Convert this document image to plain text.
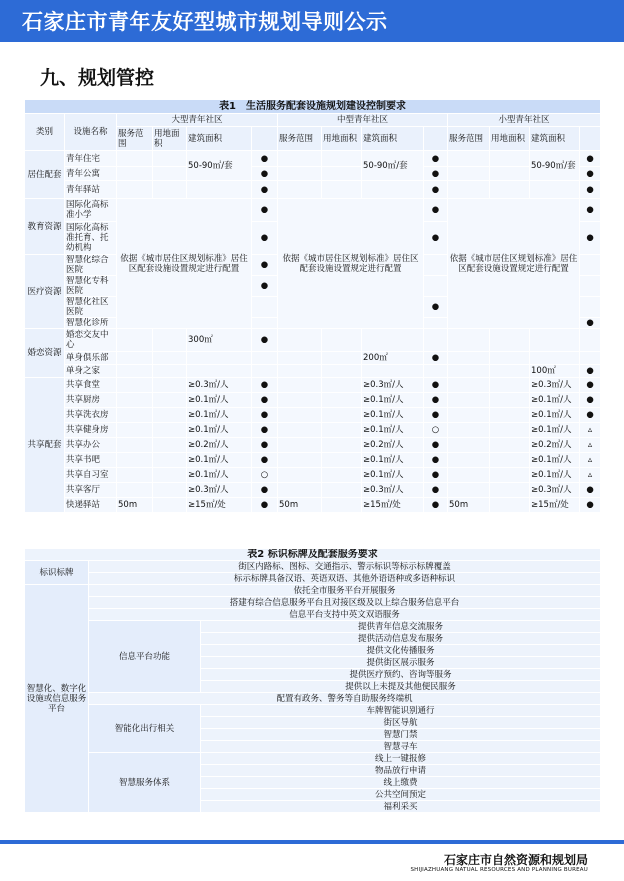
石家庄市青年友好型城市规划导则公示
九、规划管控
表1　生活服务配套设施规划建设控制要求													
类别	设施名称	大型青年社区				中型青年社区				小型青年社区			
		服务范围	用地面积	建筑面积		服务范围	用地面积	建筑面积		服务范围	用地面积	建筑面积	
居住配套	青年住宅			50-90㎡/套	●			50-90㎡/套	●			50-90㎡/套	●
	青年公寓				●				●				●
	青年驿站				●				●				●
教育资源	国际化高标准小学	依据《城市居住区规划标准》居住区配套设施设置规定进行配置			●	依据《城市居住区规划标准》居住区配套设施设置规定进行配置			●	依据《城市居住区规划标准》居住区配套设施设置规定进行配置			●
	国际化高标准托育、托幼机构				●				●				●
医疗资源	智慧化综合医院				●								
	智慧化专科医院				●								
	智慧化社区医院								●				
	智慧化诊所												●
婚恋资源	婚恋交友中心			300㎡	●								
	单身俱乐部							200㎡	●				
	单身之家											100㎡	●
共享配套	共享食堂			≥0.3㎡/人	●			≥0.3㎡/人	●			≥0.3㎡/人	●
	共享厨房			≥0.1㎡/人	●			≥0.1㎡/人	●			≥0.1㎡/人	●
	共享洗衣房			≥0.1㎡/人	●			≥0.1㎡/人	●			≥0.1㎡/人	●
	共享健身房			≥0.1㎡/人	●			≥0.1㎡/人	○			≥0.1㎡/人	▵
	共享办公			≥0.2㎡/人	●			≥0.2㎡/人	●			≥0.2㎡/人	▵
	共享书吧			≥0.1㎡/人	●			≥0.1㎡/人	●			≥0.1㎡/人	▵
	共享自习室			≥0.1㎡/人	○			≥0.1㎡/人	●			≥0.1㎡/人	▵
	共享客厅			≥0.3㎡/人	●			≥0.3㎡/人	●			≥0.3㎡/人	●
	快递驿站	50m		≥15㎡/处	●	50m		≥15㎡/处	●	50m		≥15㎡/处	●
表2 标识标牌及配套服务要求		
标识标牌	街区内路标、图标、交通指示、警示标识等标示标牌覆盖	
	标示标牌具备汉语、英语双语、其他外语语种或多语种标识	
智慧化、数字化设施或信息服务平台	依托全市服务平台开展服务	
	搭建有综合信息服务平台且对接区级及以上综合服务信息平台	
	信息平台支持中英文双语服务	
	信息平台功能	提供青年信息交流服务
		提供活动信息发布服务
		提供文化传播服务
		提供街区展示服务
		提供医疗预约、咨询等服务
		提供以上未提及其他便民服务
	配置有政务、警务等自助服务终端机	
	智能化出行相关	车牌智能识别通行
		街区导航
		智慧门禁
		智慧寻车
	智慧服务体系	线上一键报修
		物品放行申请
		线上缴费
		公共空间预定
		福利采买
石家庄市自然资源和规划局
SHIJIAZHUANG NATUAL RESOURCES AND PLANNING BUREAU
